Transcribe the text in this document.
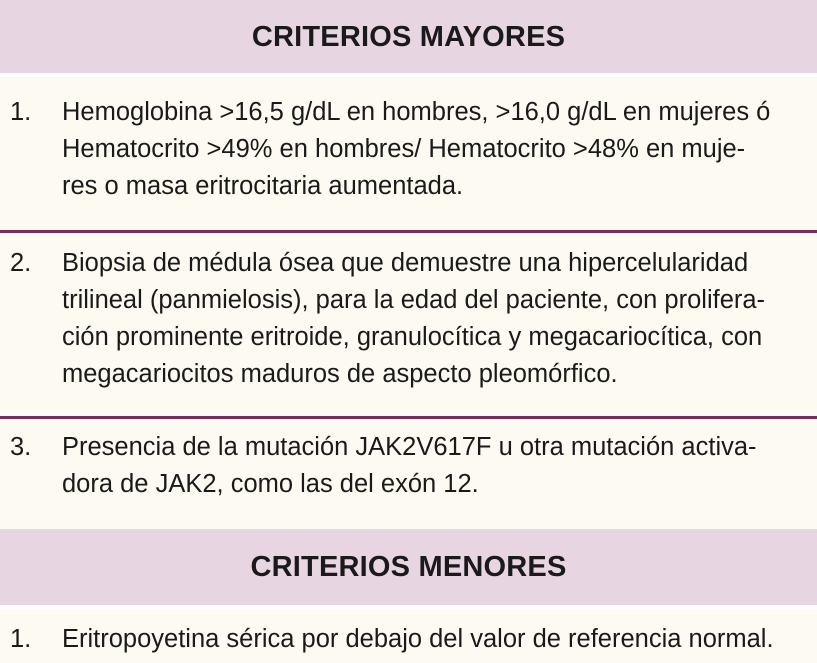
CRITERIOS MAYORES
1.	Hemoglobina >16,5 g/dL en hombres, >16,0 g/dL en mujeres ó
Hematocrito >49% en hombres/ Hematocrito >48% en muje-
res o masa eritrocitaria aumentada.
2.	Biopsia de médula ósea que demuestre una hipercelularidad
trilineal (panmielosis), para la edad del paciente, con prolifera-
ción prominente eritroide, granulocítica y megacariocítica, con
megacariocitos maduros de aspecto pleomórfico.
3.	Presencia de la mutación JAK2V617F u otra mutación activa-
dora de JAK2, como las del exón 12.
CRITERIOS MENORES
1.	Eritropoyetina sérica por debajo del valor de referencia normal.
